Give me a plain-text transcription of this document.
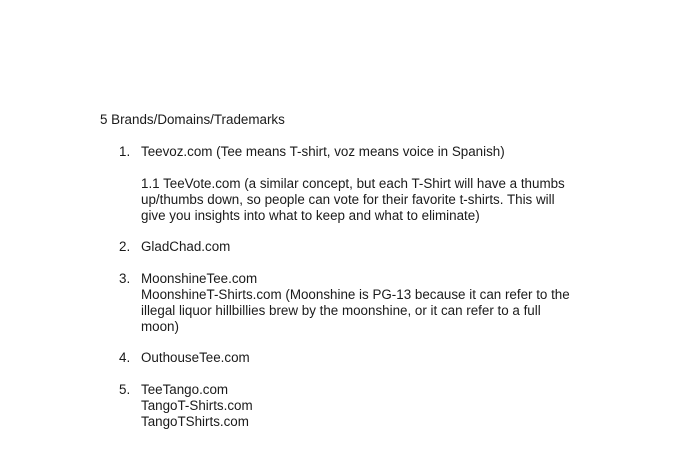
5 Brands/Domains/Trademarks
1. Teevoz.com (Tee means T-shirt, voz means voice in Spanish)
1.1 TeeVote.com (a similar concept, but each T-Shirt will have a thumbs
up/thumbs down, so people can vote for their favorite t-shirts. This will
give you insights into what to keep and what to eliminate)
2. GladChad.com
3. MoonshineTee.com
MoonshineT-Shirts.com (Moonshine is PG-13 because it can refer to the
illegal liquor hillbillies brew by the moonshine, or it can refer to a full
moon)
4. OuthouseTee.com
5. TeeTango.com
TangoT-Shirts.com
TangoTShirts.com
